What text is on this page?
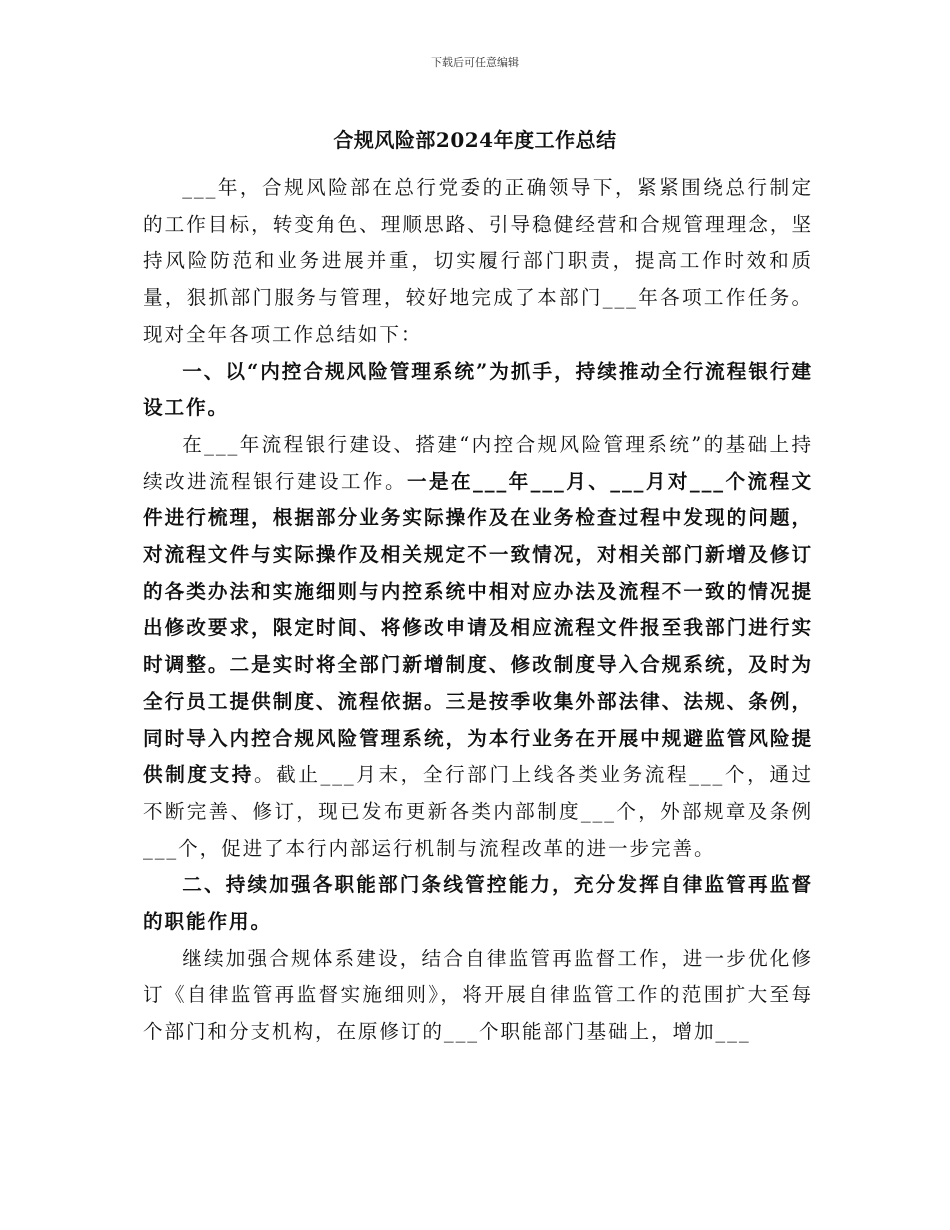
下载后可任意编辑
合规风险部2024年度工作总结

___年，合规风险部在总行党委的正确领导下，紧紧围绕总行制定的工作目标，转变角色、理顺思路、引导稳健经营和合规管理理念，坚持风险防范和业务进展并重，切实履行部门职责，提高工作时效和质量，狠抓部门服务与管理，较好地完成了本部门___年各项工作任务。现对全年各项工作总结如下：

一、以“内控合规风险管理系统”为抓手，持续推动全行流程银行建设工作。

在___年流程银行建设、搭建“内控合规风险管理系统”的基础上持续改进流程银行建设工作。一是在___年___月、___月对___个流程文件进行梳理，根据部分业务实际操作及在业务检查过程中发现的问题，对流程文件与实际操作及相关规定不一致情况，对相关部门新增及修订的各类办法和实施细则与内控系统中相对应办法及流程不一致的情况提出修改要求，限定时间、将修改申请及相应流程文件报至我部门进行实时调整。二是实时将全部门新增制度、修改制度导入合规系统，及时为全行员工提供制度、流程依据。三是按季收集外部法律、法规、条例，同时导入内控合规风险管理系统，为本行业务在开展中规避监管风险提供制度支持。截止___月末，全行部门上线各类业务流程___个，通过不断完善、修订，现已发布更新各类内部制度___个，外部规章及条例___个，促进了本行内部运行机制与流程改革的进一步完善。

二、持续加强各职能部门条线管控能力，充分发挥自律监管再监督的职能作用。

继续加强合规体系建设，结合自律监管再监督工作，进一步优化修订《自律监管再监督实施细则》，将开展自律监管工作的范围扩大至每个部门和分支机构，在原修订的___个职能部门基础上，增加___
